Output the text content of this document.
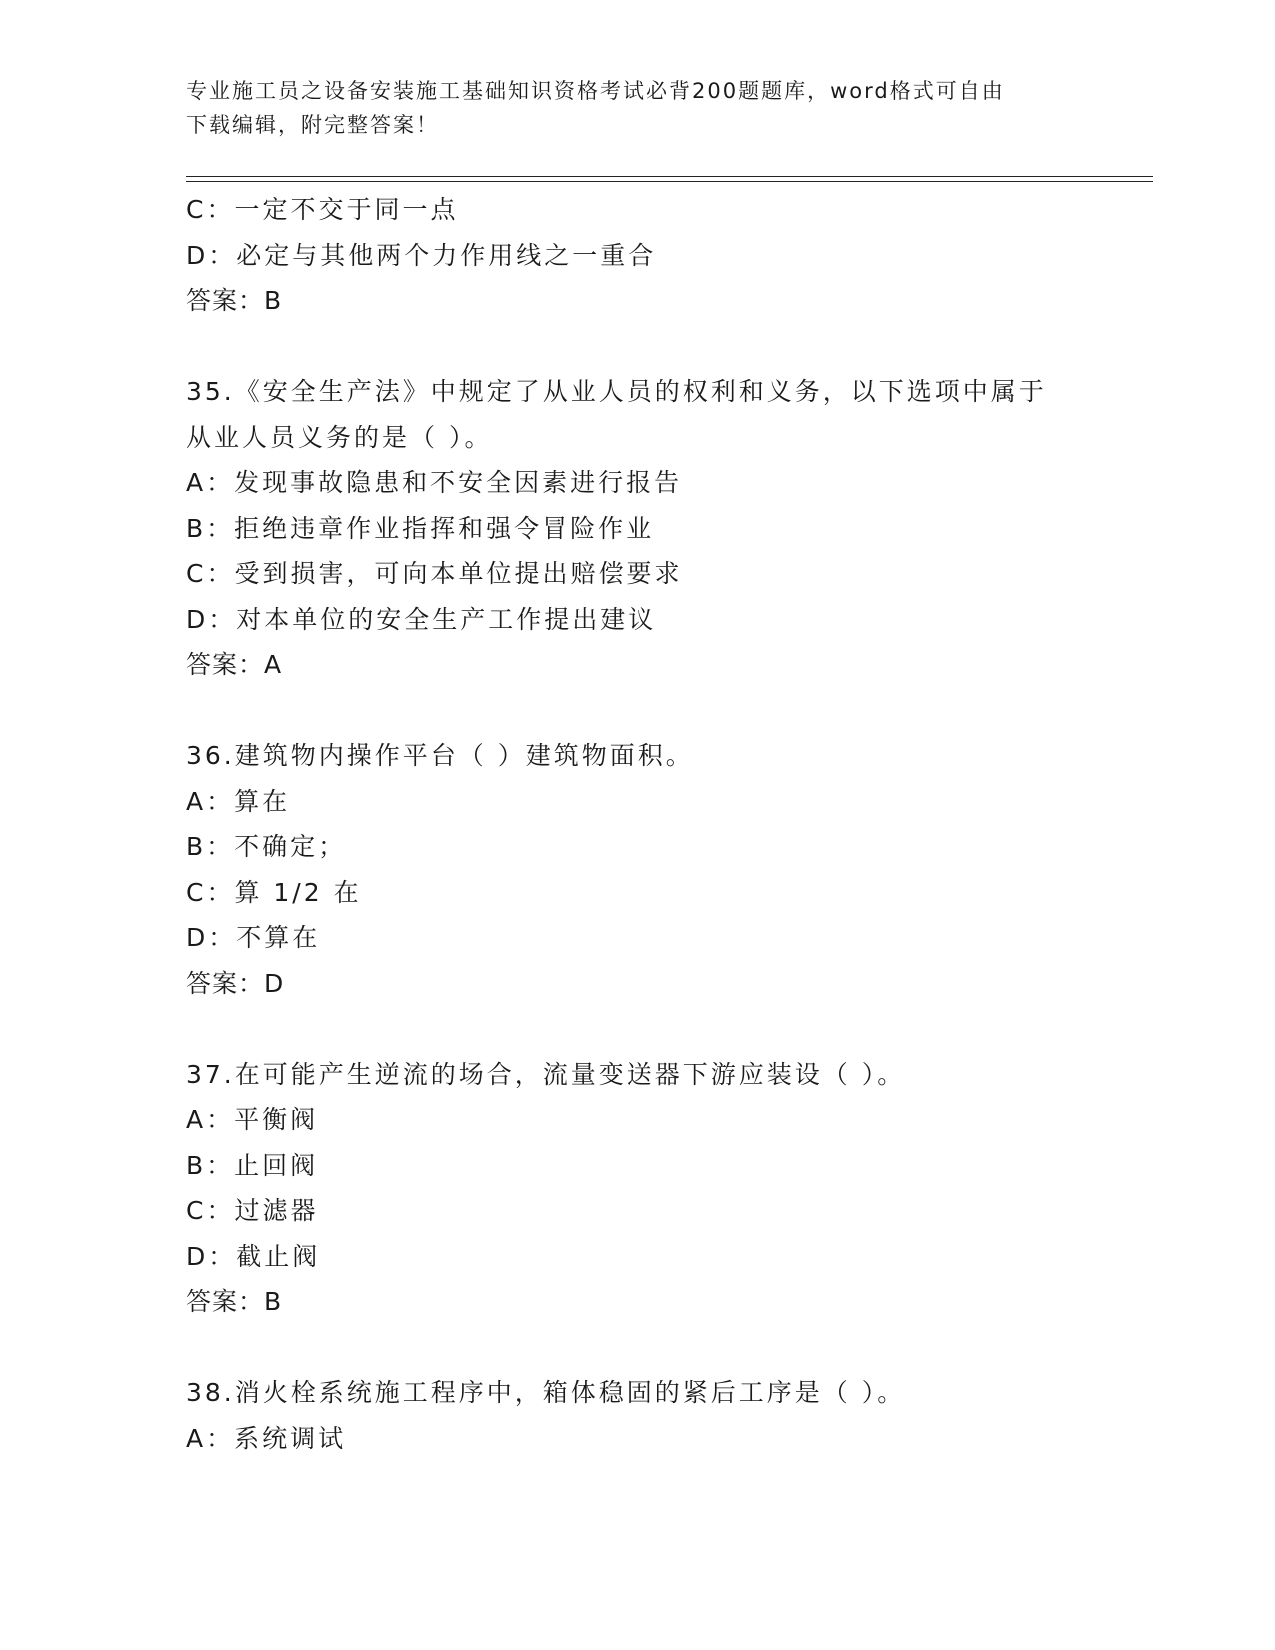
专业施工员之设备安装施工基础知识资格考试必背200题题库，word格式可自由
下载编辑，附完整答案！
C：一定不交于同一点
D：必定与其他两个力作用线之一重合
答案：B
35.《安全生产法》中规定了从业人员的权利和义务，以下选项中属于
从业人员义务的是（ ）。
A：发现事故隐患和不安全因素进行报告
B：拒绝违章作业指挥和强令冒险作业
C：受到损害，可向本单位提出赔偿要求
D：对本单位的安全生产工作提出建议
答案：A
36.建筑物内操作平台（ ）建筑物面积。
A：算在
B：不确定；
C：算 1/2 在
D：不算在
答案：D
37.在可能产生逆流的场合，流量变送器下游应装设（ ）。
A：平衡阀
B：止回阀
C：过滤器
D：截止阀
答案：B
38.消火栓系统施工程序中，箱体稳固的紧后工序是（ ）。
A：系统调试
